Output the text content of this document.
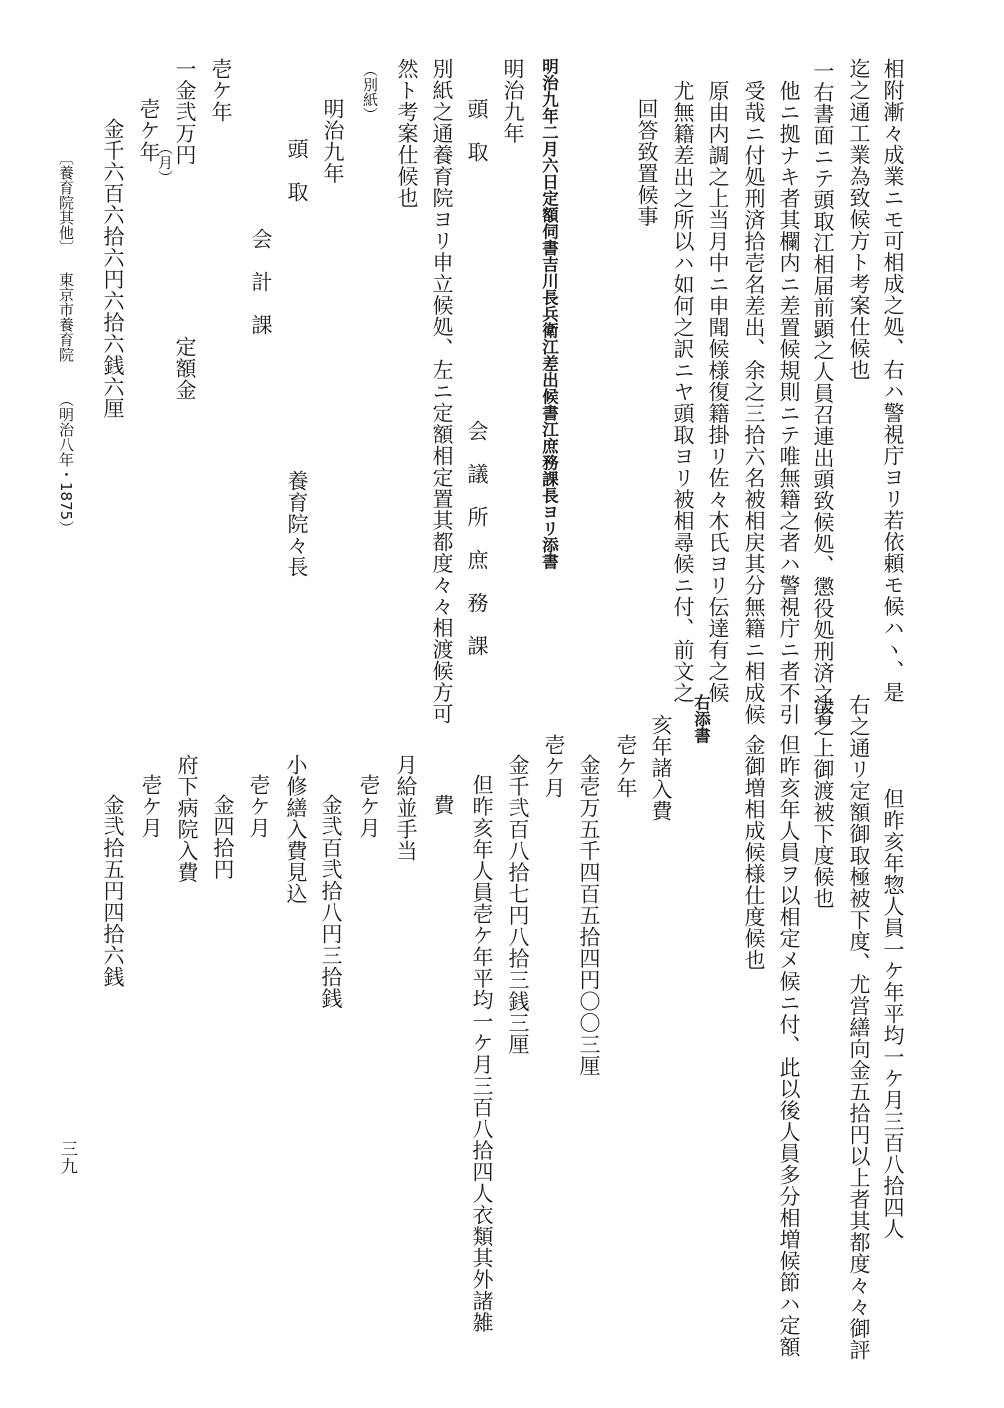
相附漸々成業ニモ可相成之処、右ハ警視庁ヨリ若依頼モ候ハヽ、是
迄之通工業為致候方ト考案仕候也
一右書面ニテ頭取江相届前顕之人員召連出頭致候処、懲役処刑済之者
他ニ拠ナキ者其欄内ニ差置候規則ニテ唯無籍之者ハ警視庁ニ者不引
受哉ニ付処刑済拾壱名差出、余之三拾六名被相戻其分無籍ニ相成候
原由内調之上当月中ニ申聞候様復籍掛リ佐々木氏ヨリ伝達有之候
尤無籍差出之所以ハ如何之訳ニヤ頭取ヨリ被相尋候ニ付、前文之
回答致置候事
明治九年二月六日定額伺書吉川長兵衛江差出候書江庶務課長ヨリ添書
明治九年
頭　取
会　議　所　庶　務　課
別紙之通養育院ヨリ申立候処、左ニ定額相定置其都度々々相渡候方可
然ト考案仕候也
（別紙）
明治九年
頭　取
養育院々長
会　計　課
一金弐万円
（月）
定額金
壱ケ年
壱ケ年
金千六百六拾六円六拾六銭六厘
但昨亥年惣人員一ケ年平均一ケ月三百八拾四人
右之通リ定額御取極被下度、尤営繕向金五拾円以上者其都度々々御評
決之上御渡被下度候也
但昨亥年人員ヲ以相定メ候ニ付、此以後人員多分相増候節ハ定額
金御増相成候様仕度候也
右添書
亥年諸入費
壱ケ年
金壱万五千四百五拾四円〇〇三厘
壱ケ月
金千弐百八拾七円八拾三銭三厘
但昨亥年人員壱ケ年平均一ケ月三百八拾四人衣類其外諸雑
費
月給並手当
壱ケ月
金弐百弐拾八円三拾銭
小修繕入費見込
壱ケ月
金四拾円
府下病院入費
壱ケ月
金弐拾五円四拾六銭
〔養育院其他〕
東京市養育院
（明治八年・1875）
三九
